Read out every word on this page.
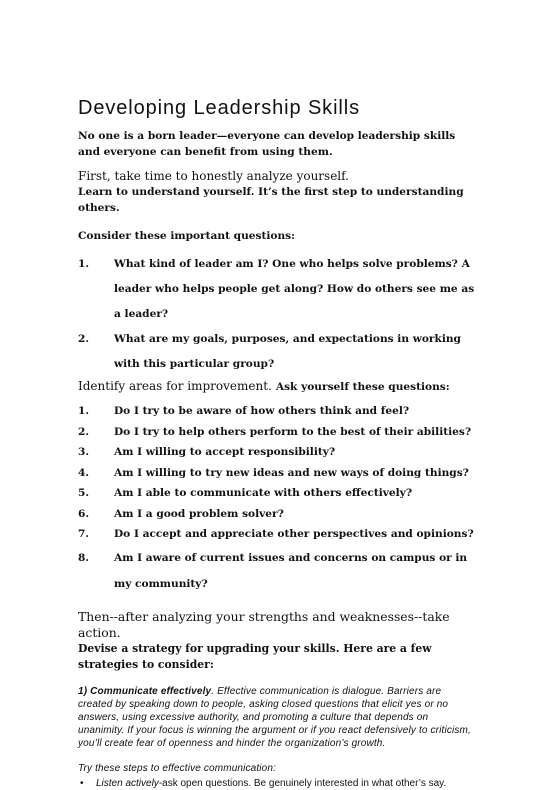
Developing Leadership Skills

No one is a born leader—everyone can develop leadership skills and everyone can benefit from using them.

First, take time to honestly analyze yourself.

Learn to understand yourself. It’s the first step to understanding others.

Consider these important questions:

1. What kind of leader am I? One who helps solve problems? A leader who helps people get along? How do others see me as a leader?
2. What are my goals, purposes, and expectations in working with this particular group?

Identify areas for improvement. Ask yourself these questions:

1. Do I try to be aware of how others think and feel?
2. Do I try to help others perform to the best of their abilities?
3. Am I willing to accept responsibility?
4. Am I willing to try new ideas and new ways of doing things?
5. Am I able to communicate with others effectively?
6. Am I a good problem solver?
7. Do I accept and appreciate other perspectives and opinions?
8. Am I aware of current issues and concerns on campus or in my community?

Then--after analyzing your strengths and weaknesses--take action.

Devise a strategy for upgrading your skills. Here are a few strategies to consider:

1) Communicate effectively. Effective communication is dialogue. Barriers are created by speaking down to people, asking closed questions that elicit yes or no answers, using excessive authority, and promoting a culture that depends on unanimity. If your focus is winning the argument or if you react defensively to criticism, you’ll create fear of openness and hinder the organization’s growth.

Try these steps to effective communication:

• Listen actively-ask open questions. Be genuinely interested in what other’s say.
